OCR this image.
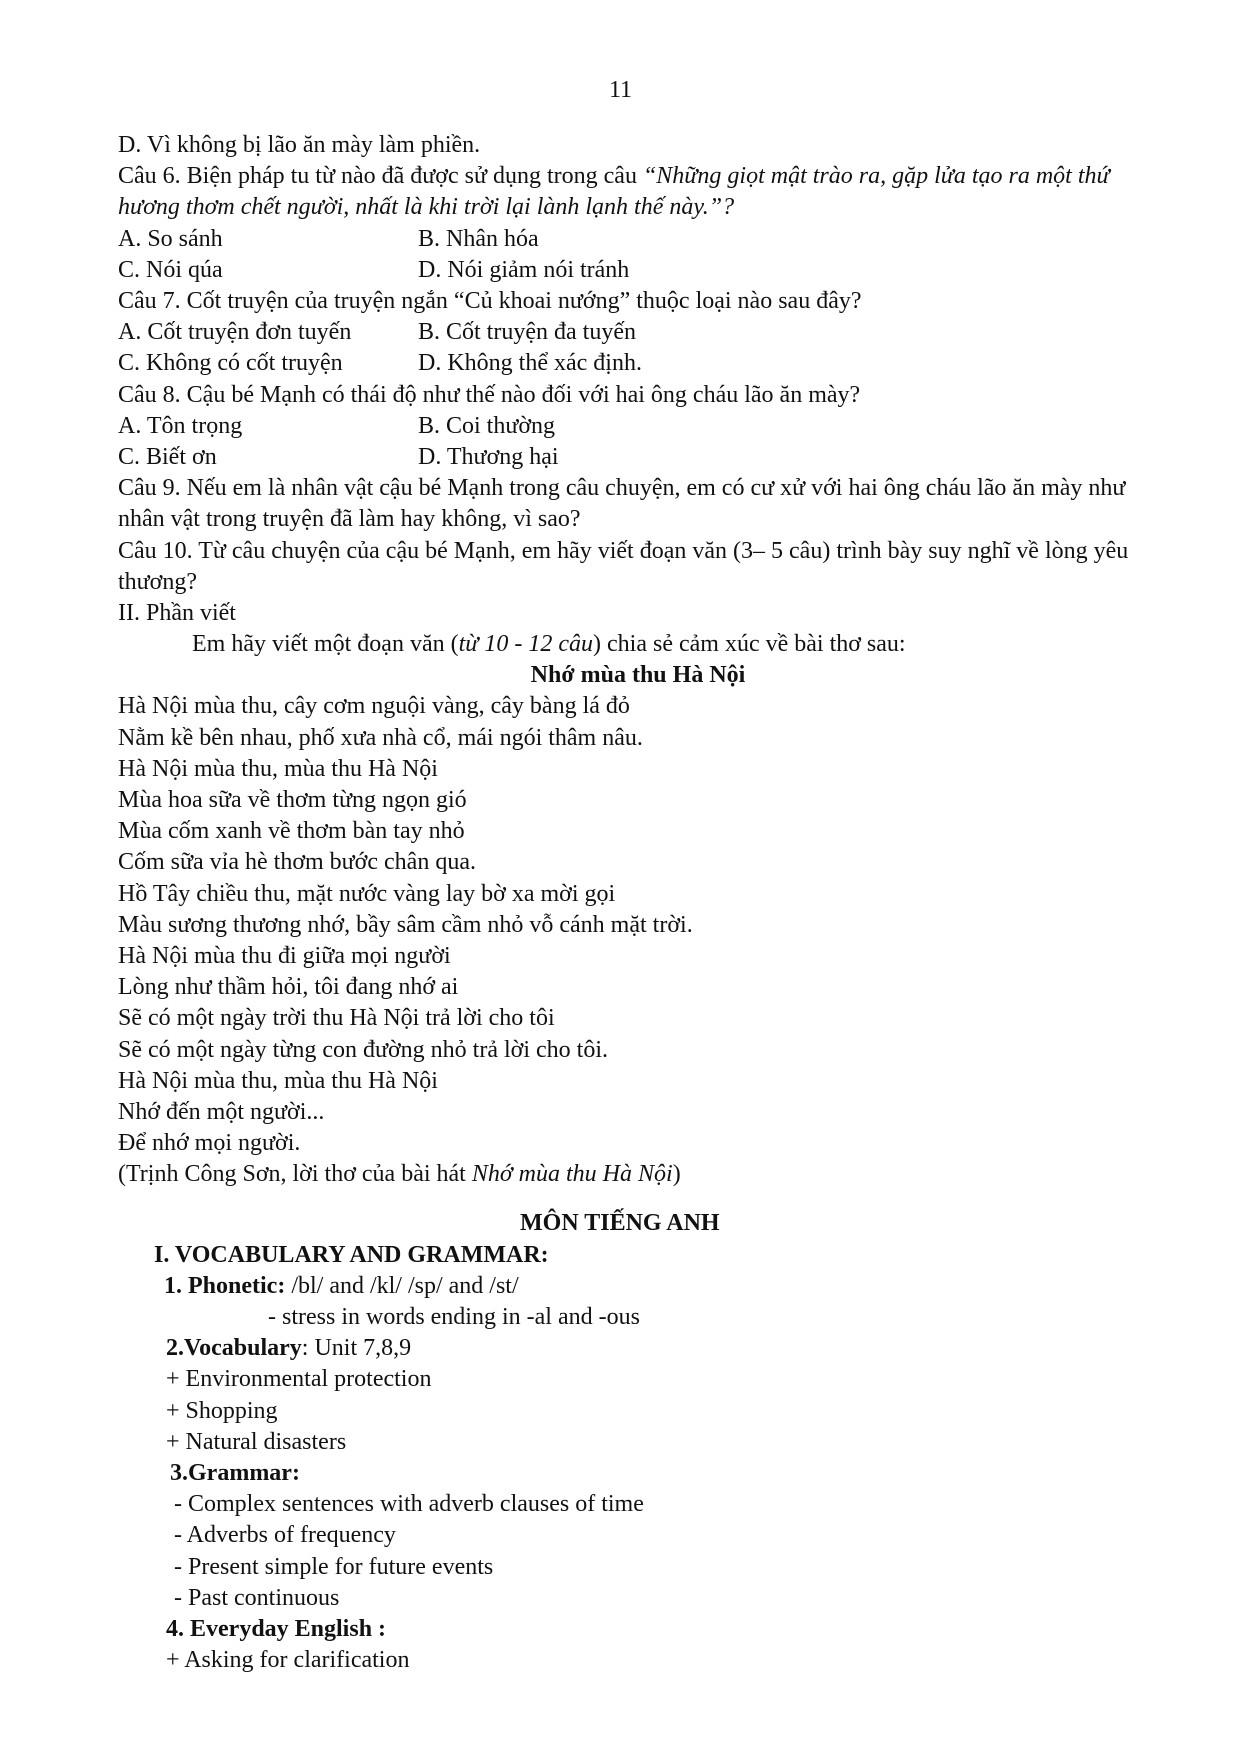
11
D. Vì không bị lão ăn mày làm phiền.
Câu 6. Biện pháp tu từ nào đã được sử dụng trong câu “Những giọt mật trào ra, gặp lửa tạo ra một thứ hương thơm chết người, nhất là khi trời lại lành lạnh thế này.”?
A. So sánh	B. Nhân hóa
C. Nói qúa	D. Nói giảm nói tránh
Câu 7. Cốt truyện của truyện ngắn “Củ khoai nướng” thuộc loại nào sau đây?
A. Cốt truyện đơn tuyến	B. Cốt truyện đa tuyến
C. Không có cốt truyện	D. Không thể xác định.
Câu 8. Cậu bé Mạnh có thái độ như thế nào đối với hai ông cháu lão ăn mày?
A. Tôn trọng	B. Coi thường
C. Biết ơn	D. Thương hại
Câu 9. Nếu em là nhân vật cậu bé Mạnh trong câu chuyện, em có cư xử với hai ông cháu lão ăn mày như nhân vật trong truyện đã làm hay không, vì sao?
Câu 10. Từ câu chuyện của cậu bé Mạnh, em hãy viết đoạn văn (3– 5 câu) trình bày suy nghĩ về lòng yêu thương?
II. Phần viết
Em hãy viết một đoạn văn (từ 10 - 12 câu) chia sẻ cảm xúc về bài thơ sau:
Nhớ mùa thu Hà Nội
Hà Nội mùa thu, cây cơm nguội vàng, cây bàng lá đỏ
Nằm kề bên nhau, phố xưa nhà cổ, mái ngói thâm nâu.
Hà Nội mùa thu, mùa thu Hà Nội
Mùa hoa sữa về thơm từng ngọn gió
Mùa cốm xanh về thơm bàn tay nhỏ
Cốm sữa vỉa hè thơm bước chân qua.
Hồ Tây chiều thu, mặt nước vàng lay bờ xa mời gọi
Màu sương thương nhớ, bầy sâm cầm nhỏ vỗ cánh mặt trời.
Hà Nội mùa thu đi giữa mọi người
Lòng như thầm hỏi, tôi đang nhớ ai
Sẽ có một ngày trời thu Hà Nội trả lời cho tôi
Sẽ có một ngày từng con đường nhỏ trả lời cho tôi.
Hà Nội mùa thu, mùa thu Hà Nội
Nhớ đến một người...
Để nhớ mọi người.
(Trịnh Công Sơn, lời thơ của bài hát Nhớ mùa thu Hà Nội)
MÔN TIẾNG ANH
I. VOCABULARY AND GRAMMAR:
1. Phonetic: /bl/ and /kl/ /sp/ and /st/
- stress in words ending in -al and -ous
2.Vocabulary: Unit 7,8,9
+ Environmental protection
+ Shopping
+ Natural disasters
3.Grammar:
- Complex sentences with adverb clauses of time
- Adverbs of frequency
- Present simple for future events
- Past continuous
4. Everyday English :
+ Asking for clarification
